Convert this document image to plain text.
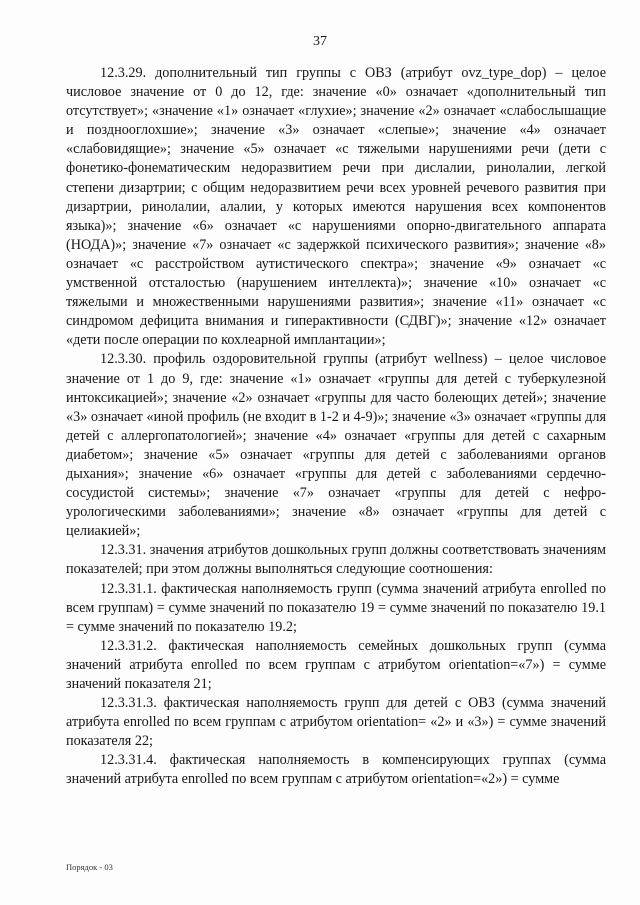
37

12.3.29. дополнительный тип группы с ОВЗ (атрибут ovz_type_dop) – целое числовое значение от 0 до 12, где: значение «0» означает «дополнительный тип отсутствует»; «значение «1» означает «глухие»; значение «2» означает «слабослышащие и позднооглохшие»; значение «3» означает «слепые»; значение «4» означает «слабовидящие»; значение «5» означает «с тяжелыми нарушениями речи (дети с фонетико-фонематическим недоразвитием речи при дислалии, ринолалии, легкой степени дизартрии; с общим недоразвитием речи всех уровней речевого развития при дизартрии, ринолалии, алалии, у которых имеются нарушения всех компонентов языка)»; значение «6» означает «с нарушениями опорно-двигательного аппарата (НОДА)»; значение «7» означает «с задержкой психического развития»; значение «8» означает «с расстройством аутистического спектра»; значение «9» означает «с умственной отсталостью (нарушением интеллекта)»; значение «10» означает «с тяжелыми и множественными нарушениями развития»; значение «11» означает «с синдромом дефицита внимания и гиперактивности (СДВГ)»; значение «12» означает «дети после операции по кохлеарной имплантации»;

12.3.30. профиль оздоровительной группы (атрибут wellness) – целое числовое значение от 1 до 9, где: значение «1» означает «группы для детей с туберкулезной интоксикацией»; значение «2» означает «группы для часто болеющих детей»; значение «3» означает «иной профиль (не входит в 1-2 и 4-9)»; значение «3» означает «группы для детей с аллергопатологией»; значение «4» означает «группы для детей с сахарным диабетом»; значение «5» означает «группы для детей с заболеваниями органов дыхания»; значение «6» означает «группы для детей с заболеваниями сердечно-сосудистой системы»; значение «7» означает «группы для детей с нефро-урологическими заболеваниями»; значение «8» означает «группы для детей с целиакией»;

12.3.31. значения атрибутов дошкольных групп должны соответствовать значениям показателей; при этом должны выполняться следующие соотношения:

12.3.31.1. фактическая наполняемость групп (сумма значений атрибута enrolled по всем группам) = сумме значений по показателю 19 = сумме значений по показателю 19.1 = сумме значений по показателю 19.2;

12.3.31.2. фактическая наполняемость семейных дошкольных групп (сумма значений атрибута enrolled по всем группам с атрибутом orientation=«7») = сумме значений показателя 21;

12.3.31.3. фактическая наполняемость групп для детей с ОВЗ (сумма значений атрибута enrolled по всем группам с атрибутом orientation= «2» и «3») = сумме значений показателя 22;

12.3.31.4. фактическая наполняемость в компенсирующих группах (сумма значений атрибута enrolled по всем группам с атрибутом orientation=«2») = сумме

Порядок - 03
